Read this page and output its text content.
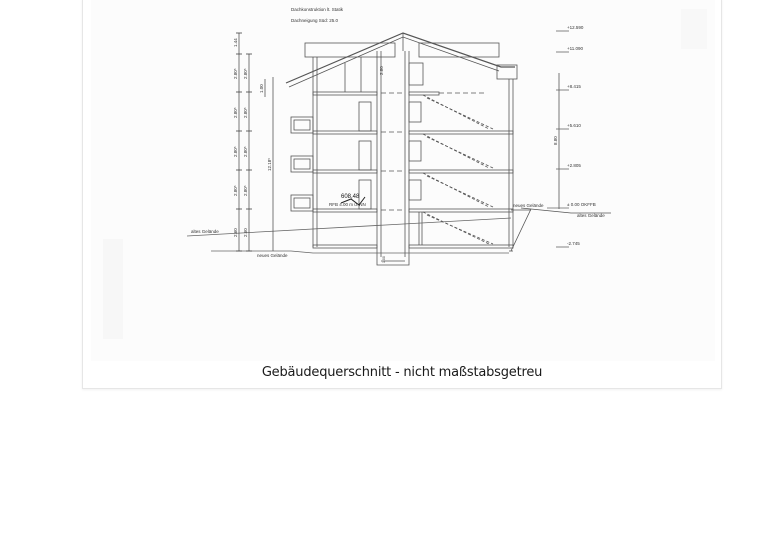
Dachkonstruktion lt. Statik
Dachneigung Süd: 25.0
+12.590
+11.090
+8.415
+5.610
+2.805
± 0.00 OKFFB
-2.745
altes Gelände
neues Gelände
neues Gelände
altes Gelände
RFB 4.00 m ü. NN
608,48
1.44
2.80⁵
2.80⁵
2.80⁵
2.80⁵
2.60
2.80⁵
2.80⁵
2.80⁵
2.80⁵
2.60
1.00
12.18⁵
8.80
2.80
1.00
Gebäudequerschnitt - nicht maßstabsgetreu
